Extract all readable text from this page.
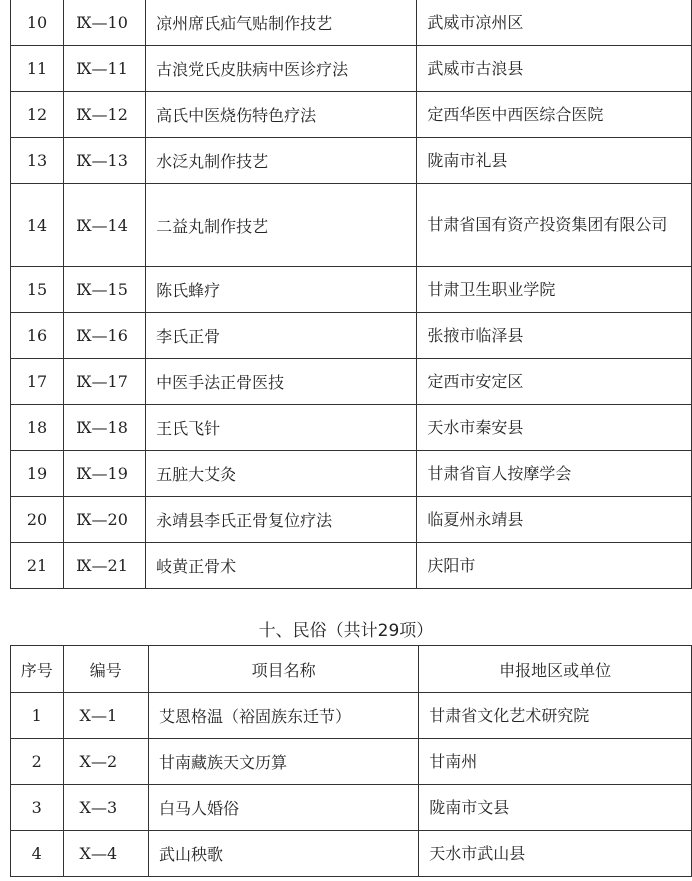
10	Ⅸ—10	凉州席氏疝气贴制作技艺	武威市凉州区
11	Ⅸ—11	古浪党氏皮肤病中医诊疗法	武威市古浪县
12	Ⅸ—12	高氏中医烧伤特色疗法	定西华医中西医综合医院
13	Ⅸ—13	水泛丸制作技艺	陇南市礼县
14	Ⅸ—14	二益丸制作技艺	甘肃省国有资产投资集团有限公司
15	Ⅸ—15	陈氏蜂疗	甘肃卫生职业学院
16	Ⅸ—16	李氏正骨	张掖市临泽县
17	Ⅸ—17	中医手法正骨医技	定西市安定区
18	Ⅸ—18	王氏飞针	天水市秦安县
19	Ⅸ—19	五脏大艾灸	甘肃省盲人按摩学会
20	Ⅸ—20	永靖县李氏正骨复位疗法	临夏州永靖县
21	Ⅸ—21	岐黄正骨术	庆阳市
十、民俗（共计29项）
序号	编号	项目名称	申报地区或单位
1	Ⅹ—1	艾恩格温（裕固族东迁节）	甘肃省文化艺术研究院
2	Ⅹ—2	甘南藏族天文历算	甘南州
3	Ⅹ—3	白马人婚俗	陇南市文县
4	Ⅹ—4	武山秧歌	天水市武山县
